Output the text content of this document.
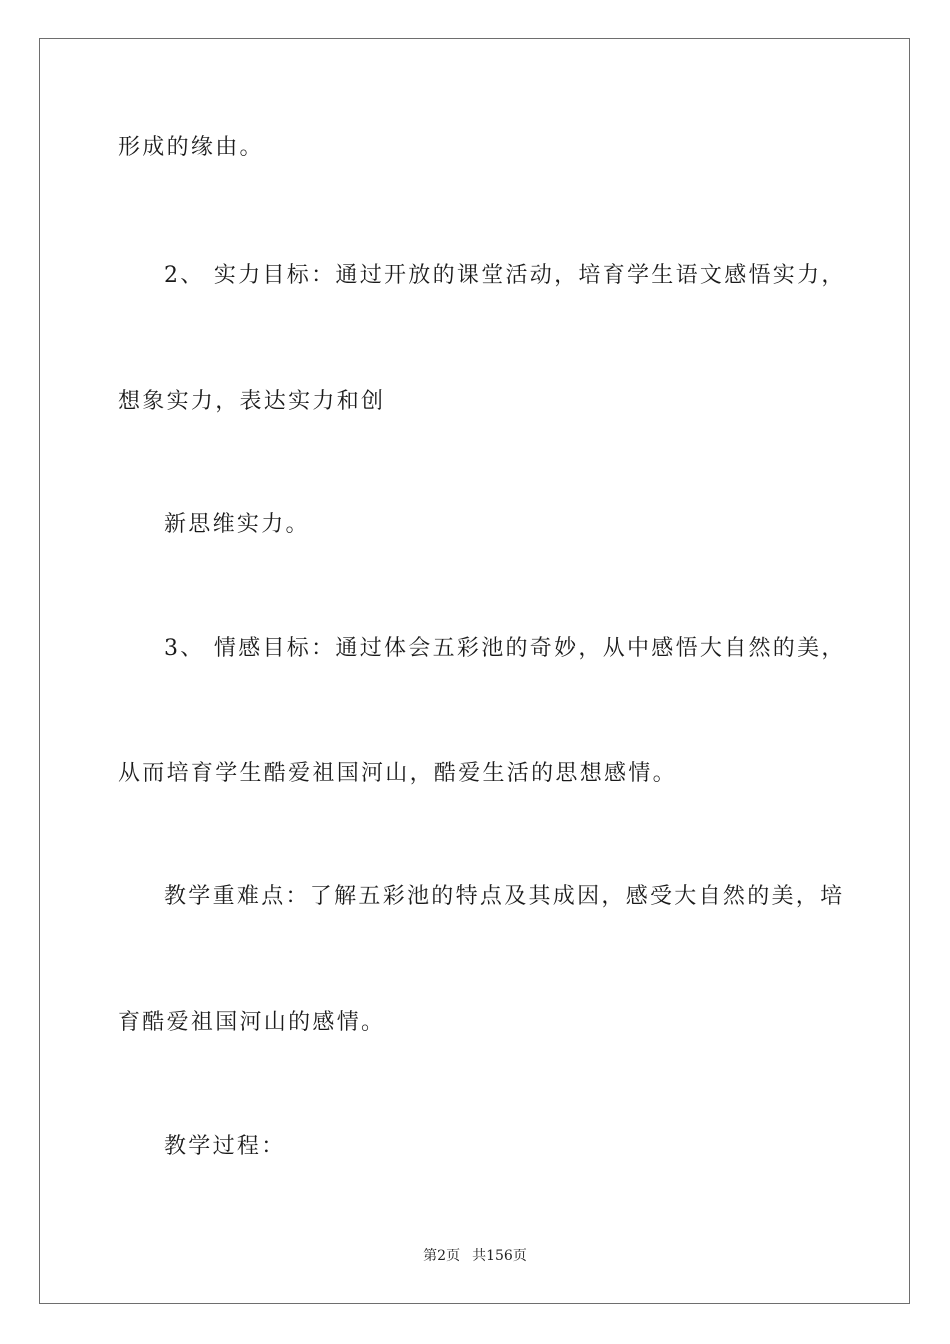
形成的缘由。
2、 实力目标：通过开放的课堂活动，培育学生语文感悟实力，
想象实力，表达实力和创
新思维实力。
3、 情感目标：通过体会五彩池的奇妙，从中感悟大自然的美，
从而培育学生酷爱祖国河山，酷爱生活的思想感情。
教学重难点：了解五彩池的特点及其成因，感受大自然的美，培
育酷爱祖国河山的感情。
教学过程：
第2页 共156页
